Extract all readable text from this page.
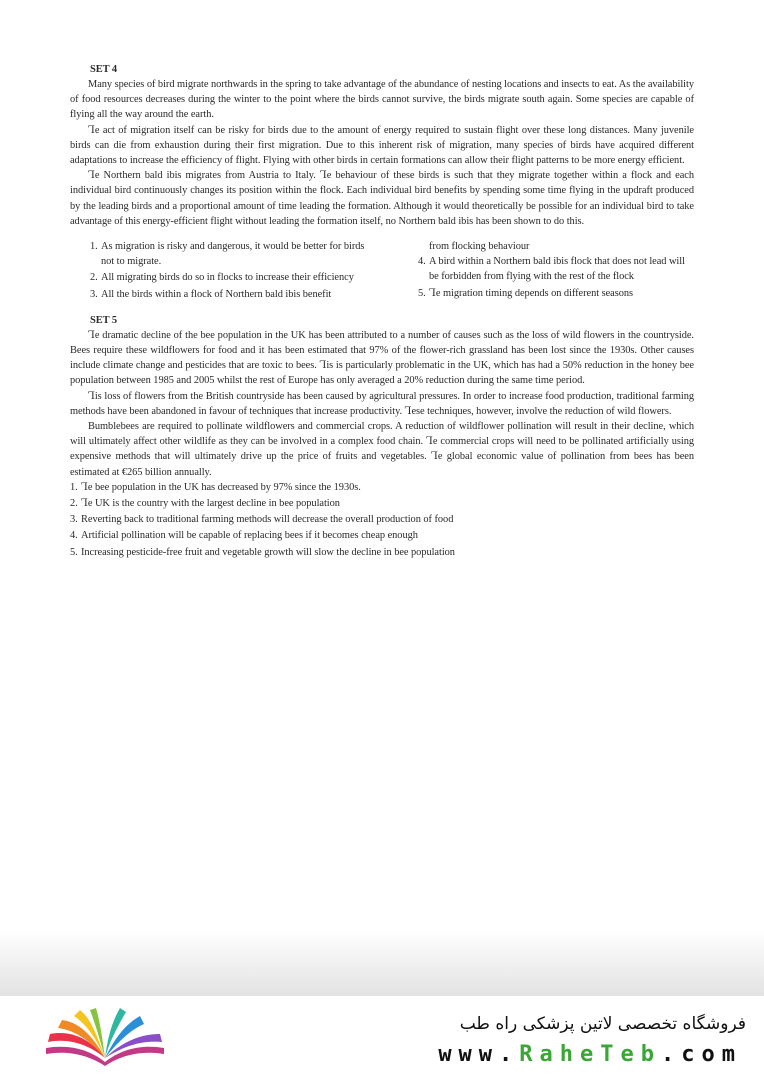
SET 4

Many species of bird migrate northwards in the spring to take advantage of the abundance of nesting locations and insects to eat. As the availability of food resources decreases during the winter to the point where the birds cannot survive, the birds migrate south again. Some species are capable of flying all the way around the earth.

Ꞁe act of migration itself can be risky for birds due to the amount of energy required to sustain flight over these long distances. Many juvenile birds can die from exhaustion during their first migration. Due to this inherent risk of migration, many species of birds have acquired different adaptations to increase the efficiency of flight. Flying with other birds in certain formations can allow their flight patterns to be more energy efficient.

Ꞁe Northern bald ibis migrates from Austria to Italy. Ꞁe behaviour of these birds is such that they migrate together within a flock and each individual bird continuously changes its position within the flock. Each individual bird benefits by spending some time flying in the updraft produced by the leading birds and a proportional amount of time leading the formation. Although it would theoretically be possible for an individual bird to take advantage of this energy-efficient flight without leading the formation itself, no Northern bald ibis has been shown to do this.

1. As migration is risky and dangerous, it would be better for birds not to migrate.
2. All migrating birds do so in flocks to increase their efficiency
3. All the birds within a flock of Northern bald ibis benefit
from flocking behaviour
4. A bird within a Northern bald ibis flock that does not lead will be forbidden from flying with the rest of the flock
5. Ꞁe migration timing depends on different seasons
SET 5

Ꞁe dramatic decline of the bee population in the UK has been attributed to a number of causes such as the loss of wild flowers in the countryside. Bees require these wildflowers for food and it has been estimated that 97% of the flower-rich grassland has been lost since the 1930s. Other causes include climate change and pesticides that are toxic to bees. Ꞁis is particularly problematic in the UK, which has had a 50% reduction in the honey bee population between 1985 and 2005 whilst the rest of Europe has only averaged a 20% reduction during the same time period.

Ꞁis loss of flowers from the British countryside has been caused by agricultural pressures. In order to increase food production, traditional farming methods have been abandoned in favour of techniques that increase productivity. Ꞁese techniques, however, involve the reduction of wild flowers.

Bumblebees are required to pollinate wildflowers and commercial crops. A reduction of wildflower pollination will result in their decline, which will ultimately affect other wildlife as they can be involved in a complex food chain. Ꞁe commercial crops will need to be pollinated artificially using expensive methods that will ultimately drive up the price of fruits and vegetables. Ꞁe global economic value of pollination from bees has been estimated at €265 billion annually.

1. Ꞁe bee population in the UK has decreased by 97% since the 1930s.
2. Ꞁe UK is the country with the largest decline in bee population
3. Reverting back to traditional farming methods will decrease the overall production of food
4. Artificial pollination will be capable of replacing bees if it becomes cheap enough
5. Increasing pesticide-free fruit and vegetable growth will slow the decline in bee population
فروشگاه تخصصی لاتین پزشکی راه طب
www.RaheTeb.com
